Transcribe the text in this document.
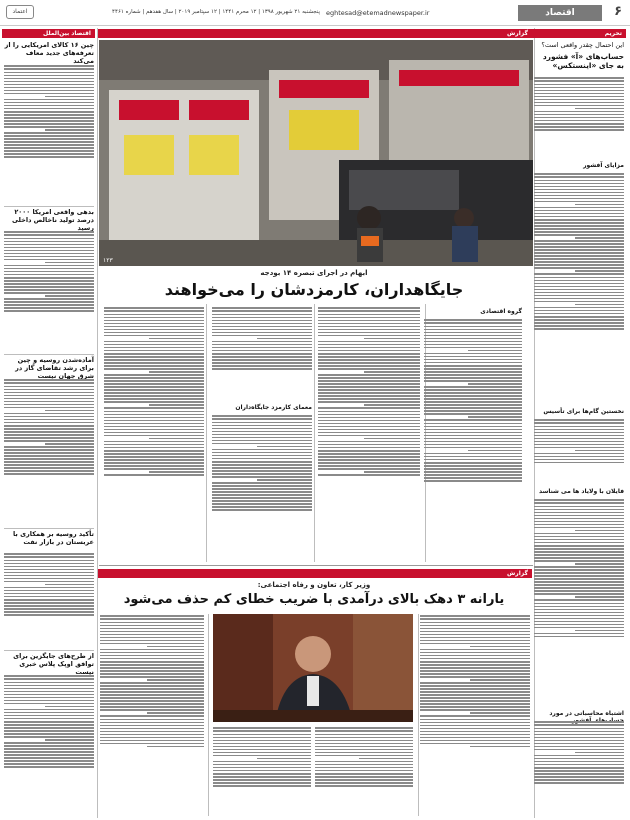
۶
اقتصاد
eghtesad@etemadnewspaper.ir
پنجشنبه ۲۱ شهریور ۱۳۹۸ | ۱۲ محرم ۱۴۴۱ | ۱۲ سپتامبر ۲۰۱۹ | سال هفدهم | شماره ۴۴۶۱
اعتماد
تحریم
این احتمال چقدر واقعی است؟
حساب‌های «آ» فشورد به جای «اینستکس»
مزایای آفشور
نخستین گام‌ها برای تأسیس
فایلان با ولایاد ها می شناسد
اشتباه محاسباتی در مورد
گزارش
۱۲۳
ابهام در اجرای تبصره ۱۴ بودجه
جایگاهداران، کارمزدشان را می‌خواهند
گروه اقتصادی
معمای کارمزد جایگاه‌داران
اقتصاد بین‌الملل
چین ۱۶ کالای امریکایی را از تعرفه‌های جدید معاف می‌کند
بدهی واقعی امریکا ۲۰۰۰ درصد تولید ناخالص داخلی رسید
آماده‌شدن روسیه و چین برای رشد تقاضای گاز در شرق جهان نیست
تأکید روسیه بر همکاری با عربستان در بازار نفت
از طرح‌های جایگزین برای توافق اوپک پلاس خبری نیست
گزارش
وزیر کار، تعاون و رفاه اجتماعی:
یارانه ۳ دهک بالای درآمدی با ضریب خطای کم حذف می‌شود
